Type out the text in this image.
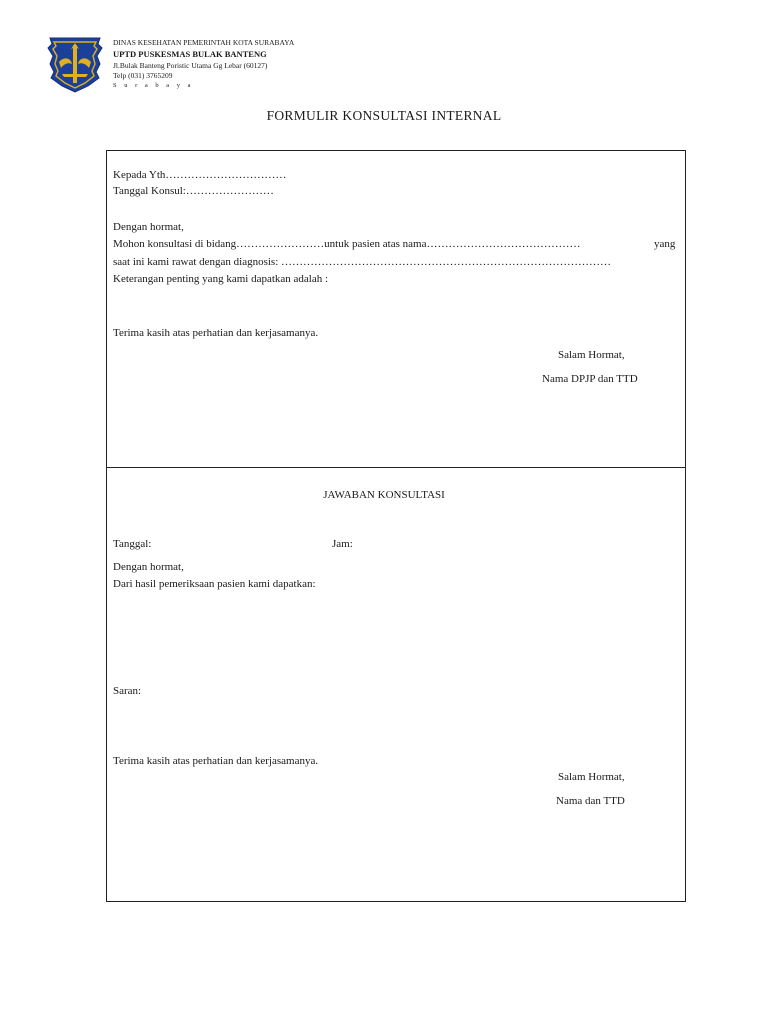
DINAS KESEHATAN PEMERINTAH KOTA SURABAYA
UPTD PUSKESMAS BULAK BANTENG
Jl.Bulak Banteng Poristic Utama Gg Lebar (60127)
Telp (031) 3765209
S u r a b a y a
FORMULIR KONSULTASI INTERNAL
Kepada Yth……………………………
Tanggal Konsul:……………………
Dengan hormat,
Mohon konsultasi di bidang……………………untuk pasien atas nama……………………………………	yang
saat ini kami rawat dengan diagnosis: ………………………………………………………………………………
Keterangan penting yang kami dapatkan adalah :
Terima kasih atas perhatian dan kerjasamanya.
Salam Hormat,
Nama DPJP dan TTD
JAWABAN KONSULTASI
Tanggal:	Jam:
Dengan hormat,
Dari hasil pemeriksaan pasien kami dapatkan:
Saran:
Terima kasih atas perhatian dan kerjasamanya.
Salam Hormat,
Nama dan TTD
